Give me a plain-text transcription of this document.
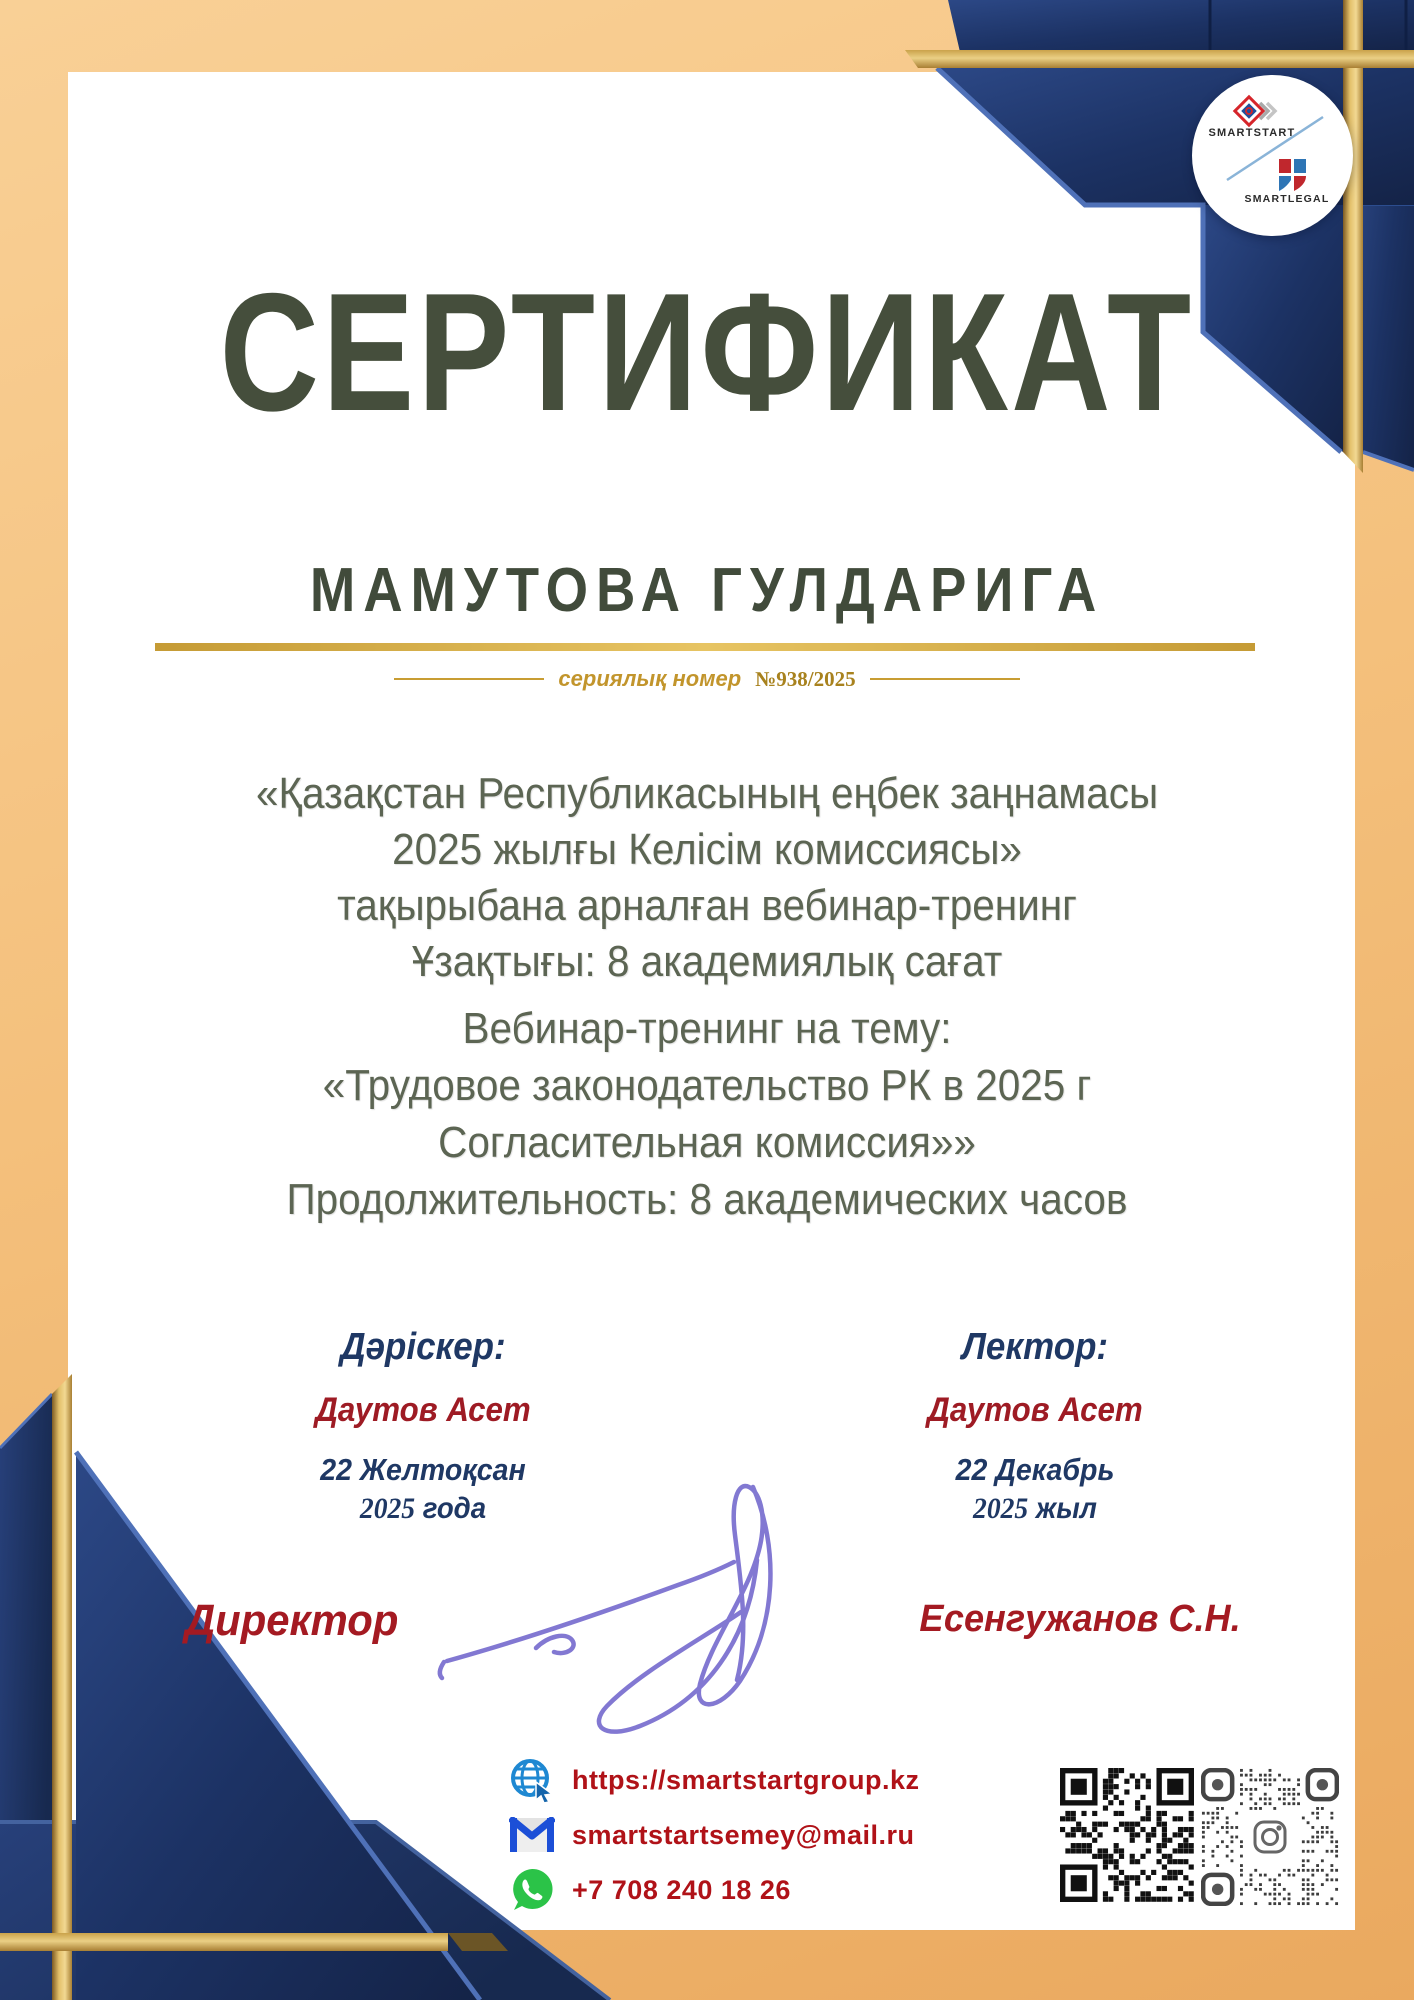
SMARTSTART
SMARTLEGAL
СЕРТИФИКАТ
МАМУТОВА ГУЛДАРИГА
сериялық номер №938/2025
«Қазақстан Республикасының еңбек заңнамасы
2025 жылғы Келісім комиссиясы»
тақырыбана арналған вебинар-тренинг
Ұзақтығы: 8 академиялық сағат
Вебинар-тренинг на тему:
«Трудовое законодательство РК в 2025 г
Согласительная комиссия»»
Продолжительность: 8 академических часов
Дәріскер:
Даутов Асет
22 Желтоқсан
2025 года
Лектор:
Даутов Асет
22 Декабрь
2025 жыл
Директор	Есенгужанов С.Н.
https://smartstartgroup.kz
smartstartsemey@mail.ru
+7 708 240 18 26
